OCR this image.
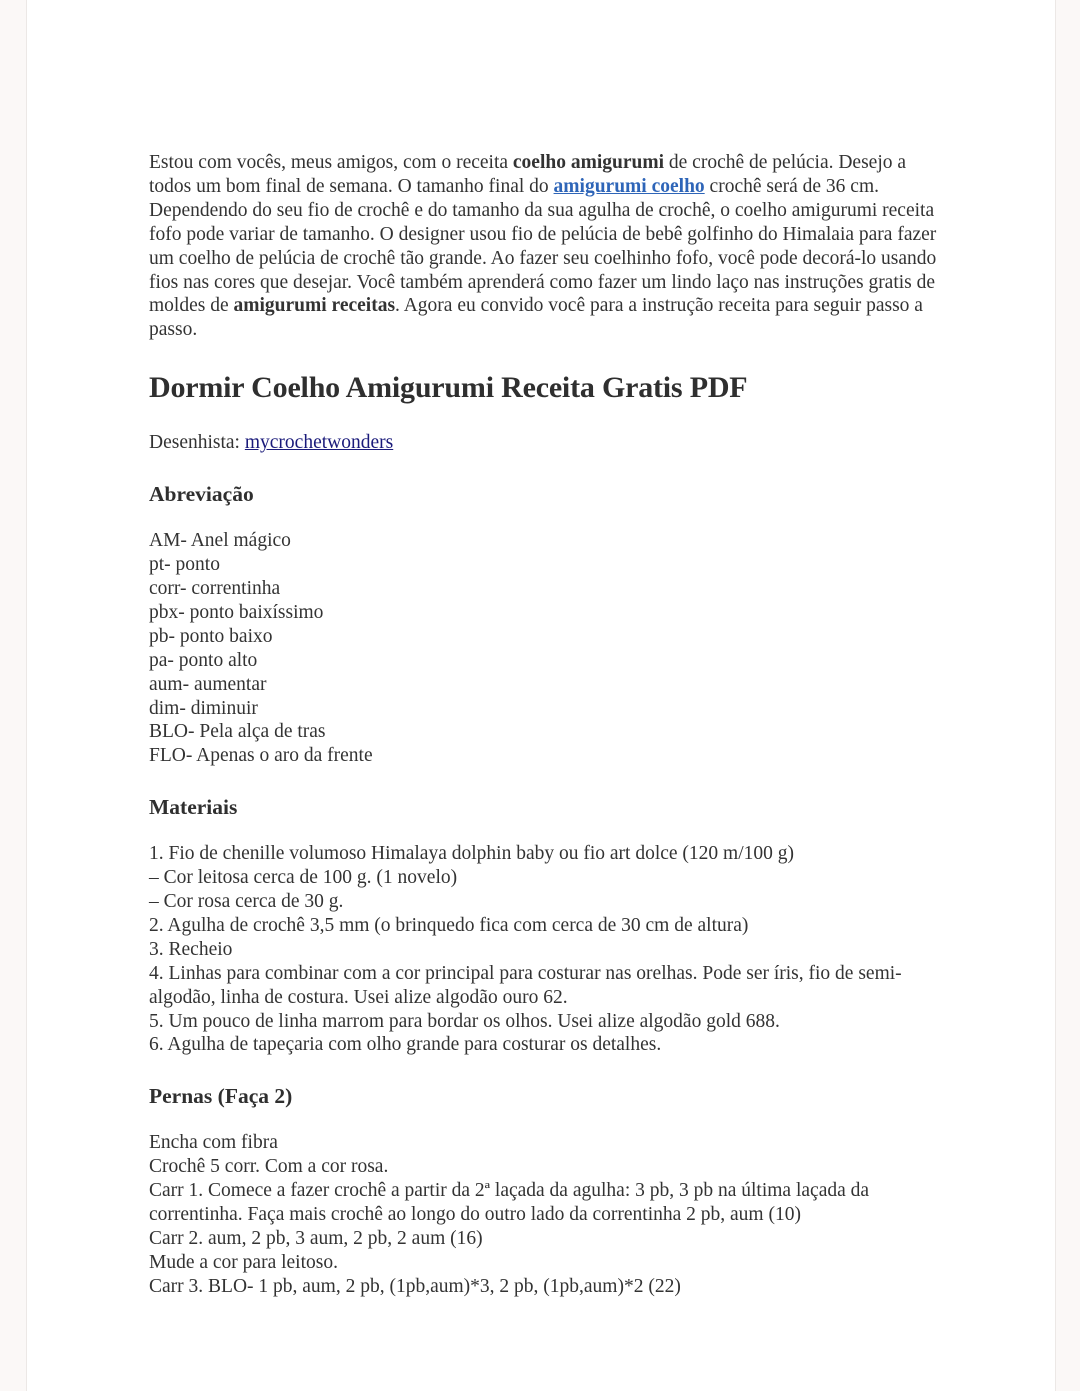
Estou com vocês, meus amigos, com o receita coelho amigurumi de crochê de pelúcia. Desejo a todos um bom final de semana. O tamanho final do amigurumi coelho crochê será de 36 cm. Dependendo do seu fio de crochê e do tamanho da sua agulha de crochê, o coelho amigurumi receita fofo pode variar de tamanho. O designer usou fio de pelúcia de bebê golfinho do Himalaia para fazer um coelho de pelúcia de crochê tão grande. Ao fazer seu coelhinho fofo, você pode decorá-lo usando fios nas cores que desejar. Você também aprenderá como fazer um lindo laço nas instruções gratis de moldes de amigurumi receitas. Agora eu convido você para a instrução receita para seguir passo a passo.

Dormir Coelho Amigurumi Receita Gratis PDF

Desenhista: mycrochetwonders

Abreviação
AM- Anel mágico
pt- ponto
corr- correntinha
pbx- ponto baixíssimo
pb- ponto baixo
pa- ponto alto
aum- aumentar
dim- diminuir
BLO- Pela alça de tras
FLO- Apenas o aro da frente
Materiais
1. Fio de chenille volumoso Himalaya dolphin baby ou fio art dolce (120 m/100 g)
– Cor leitosa cerca de 100 g. (1 novelo)
– Cor rosa cerca de 30 g.
2. Agulha de crochê 3,5 mm (o brinquedo fica com cerca de 30 cm de altura)
3. Recheio
4. Linhas para combinar com a cor principal para costurar nas orelhas. Pode ser íris, fio de semi-algodão, linha de costura. Usei alize algodão ouro 62.
5. Um pouco de linha marrom para bordar os olhos. Usei alize algodão gold 688.
6. Agulha de tapeçaria com olho grande para costurar os detalhes.
Pernas (Faça 2)
Encha com fibra
Crochê 5 corr. Com a cor rosa.
Carr 1. Comece a fazer crochê a partir da 2ª laçada da agulha: 3 pb, 3 pb na última laçada da correntinha. Faça mais crochê ao longo do outro lado da correntinha 2 pb, aum (10)
Carr 2. aum, 2 pb, 3 aum, 2 pb, 2 aum (16)
Mude a cor para leitoso.
Carr 3. BLO- 1 pb, aum, 2 pb, (1pb,aum)*3, 2 pb, (1pb,aum)*2 (22)
